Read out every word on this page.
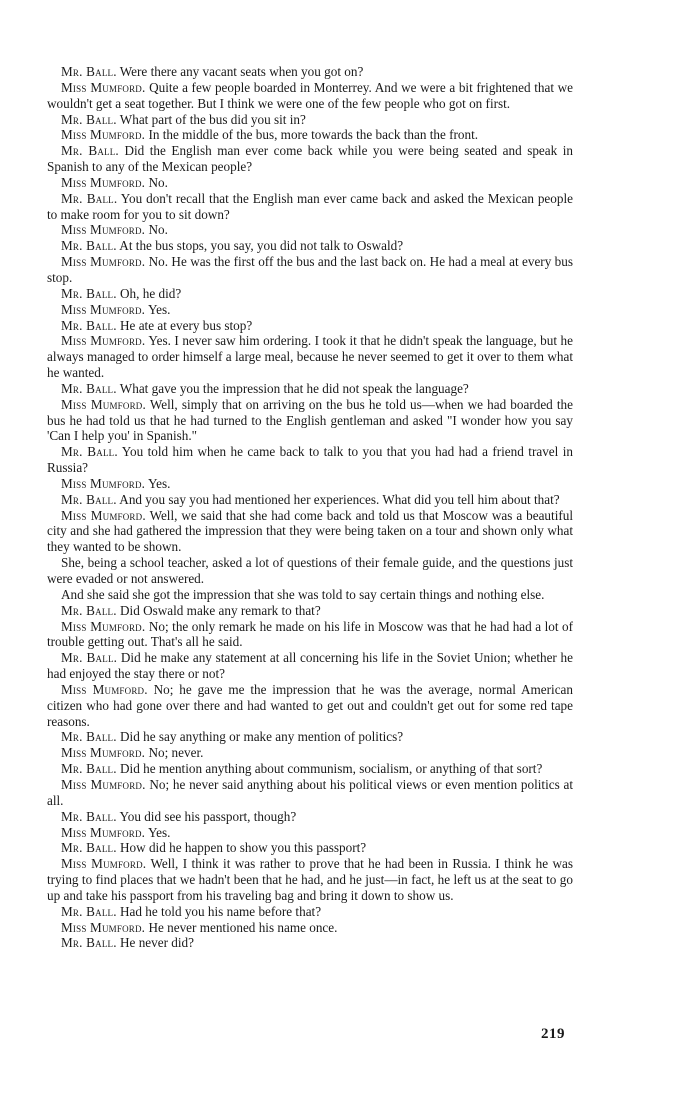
Mr. Ball. Were there any vacant seats when you got on?

Miss Mumford. Quite a few people boarded in Monterrey. And we were a bit frightened that we wouldn't get a seat together. But I think we were one of the few people who got on first.

Mr. Ball. What part of the bus did you sit in?

Miss Mumford. In the middle of the bus, more towards the back than the front.

Mr. Ball. Did the English man ever come back while you were being seated and speak in Spanish to any of the Mexican people?

Miss Mumford. No.

Mr. Ball. You don't recall that the English man ever came back and asked the Mexican people to make room for you to sit down?

Miss Mumford. No.

Mr. Ball. At the bus stops, you say, you did not talk to Oswald?

Miss Mumford. No. He was the first off the bus and the last back on. He had a meal at every bus stop.

Mr. Ball. Oh, he did?

Miss Mumford. Yes.

Mr. Ball. He ate at every bus stop?

Miss Mumford. Yes. I never saw him ordering. I took it that he didn't speak the language, but he always managed to order himself a large meal, because he never seemed to get it over to them what he wanted.

Mr. Ball. What gave you the impression that he did not speak the language?

Miss Mumford. Well, simply that on arriving on the bus he told us—when we had boarded the bus he had told us that he had turned to the English gentleman and asked "I wonder how you say 'Can I help you' in Spanish."

Mr. Ball. You told him when he came back to talk to you that you had had a friend travel in Russia?

Miss Mumford. Yes.

Mr. Ball. And you say you had mentioned her experiences. What did you tell him about that?

Miss Mumford. Well, we said that she had come back and told us that Moscow was a beautiful city and she had gathered the impression that they were being taken on a tour and shown only what they wanted to be shown.

She, being a school teacher, asked a lot of questions of their female guide, and the questions just were evaded or not answered.

And she said she got the impression that she was told to say certain things and nothing else.

Mr. Ball. Did Oswald make any remark to that?

Miss Mumford. No; the only remark he made on his life in Moscow was that he had had a lot of trouble getting out. That's all he said.

Mr. Ball. Did he make any statement at all concerning his life in the Soviet Union; whether he had enjoyed the stay there or not?

Miss Mumford. No; he gave me the impression that he was the average, normal American citizen who had gone over there and had wanted to get out and couldn't get out for some red tape reasons.

Mr. Ball. Did he say anything or make any mention of politics?

Miss Mumford. No; never.

Mr. Ball. Did he mention anything about communism, socialism, or anything of that sort?

Miss Mumford. No; he never said anything about his political views or even mention politics at all.

Mr. Ball. You did see his passport, though?

Miss Mumford. Yes.

Mr. Ball. How did he happen to show you this passport?

Miss Mumford. Well, I think it was rather to prove that he had been in Russia. I think he was trying to find places that we hadn't been that he had, and he just—in fact, he left us at the seat to go up and take his passport from his traveling bag and bring it down to show us.

Mr. Ball. Had he told you his name before that?

Miss Mumford. He never mentioned his name once.

Mr. Ball. He never did?

219
